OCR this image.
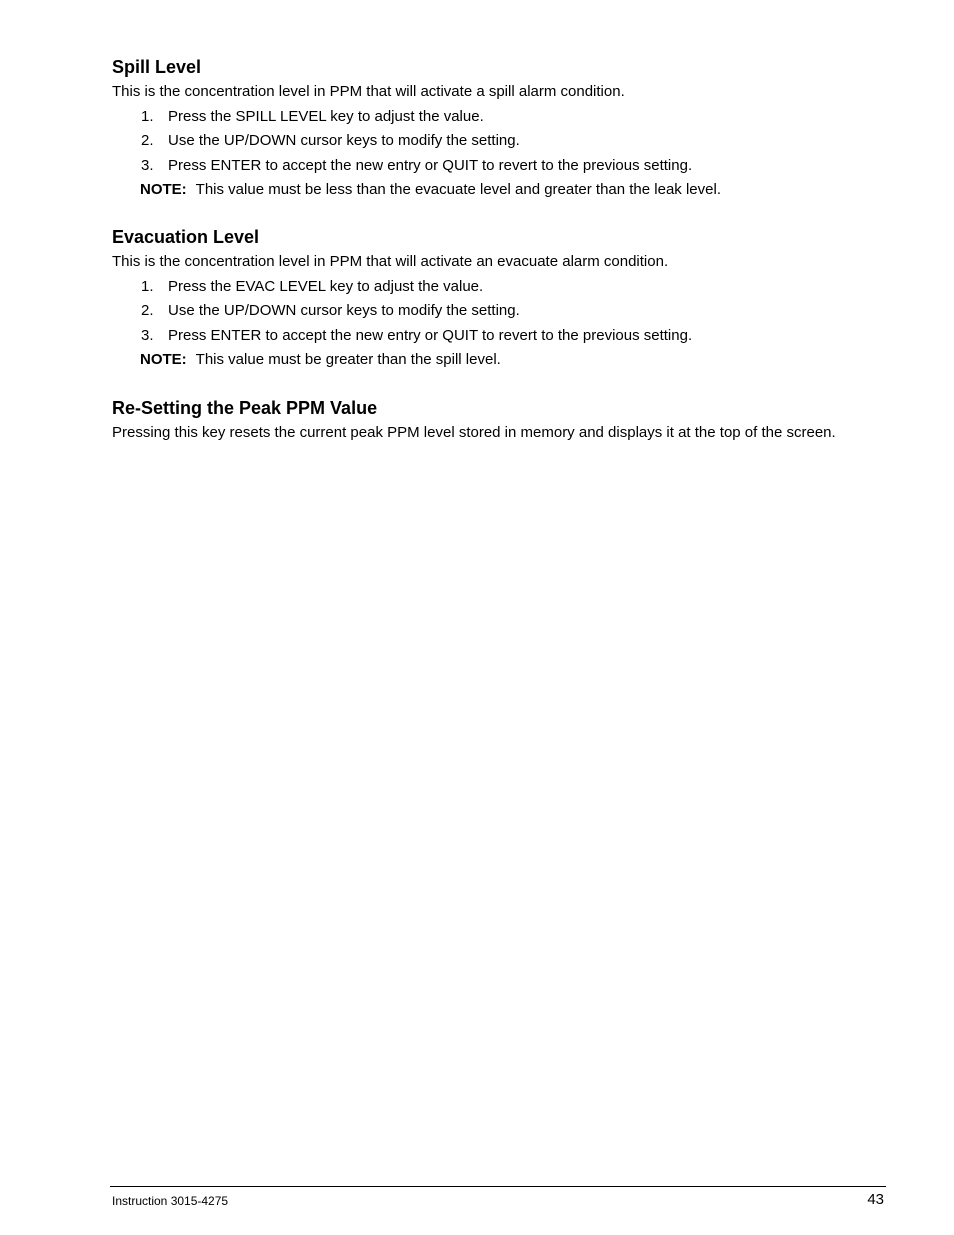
Spill Level

This is the concentration level in PPM that will activate a spill alarm condition.

1. Press the SPILL LEVEL key to adjust the value.
2. Use the UP/DOWN cursor keys to modify the setting.
3. Press ENTER to accept the new entry or QUIT to revert to the previous setting.
NOTE: This value must be less than the evacuate level and greater than the leak level.
Evacuation Level

This is the concentration level in PPM that will activate an evacuate alarm condition.

1. Press the EVAC LEVEL key to adjust the value.
2. Use the UP/DOWN cursor keys to modify the setting.
3. Press ENTER to accept the new entry or QUIT to revert to the previous setting.
NOTE: This value must be greater than the spill level.
Re-Setting the Peak PPM Value

Pressing this key resets the current peak PPM level stored in memory and displays it at the top of the screen.

Instruction 3015-4275	43
